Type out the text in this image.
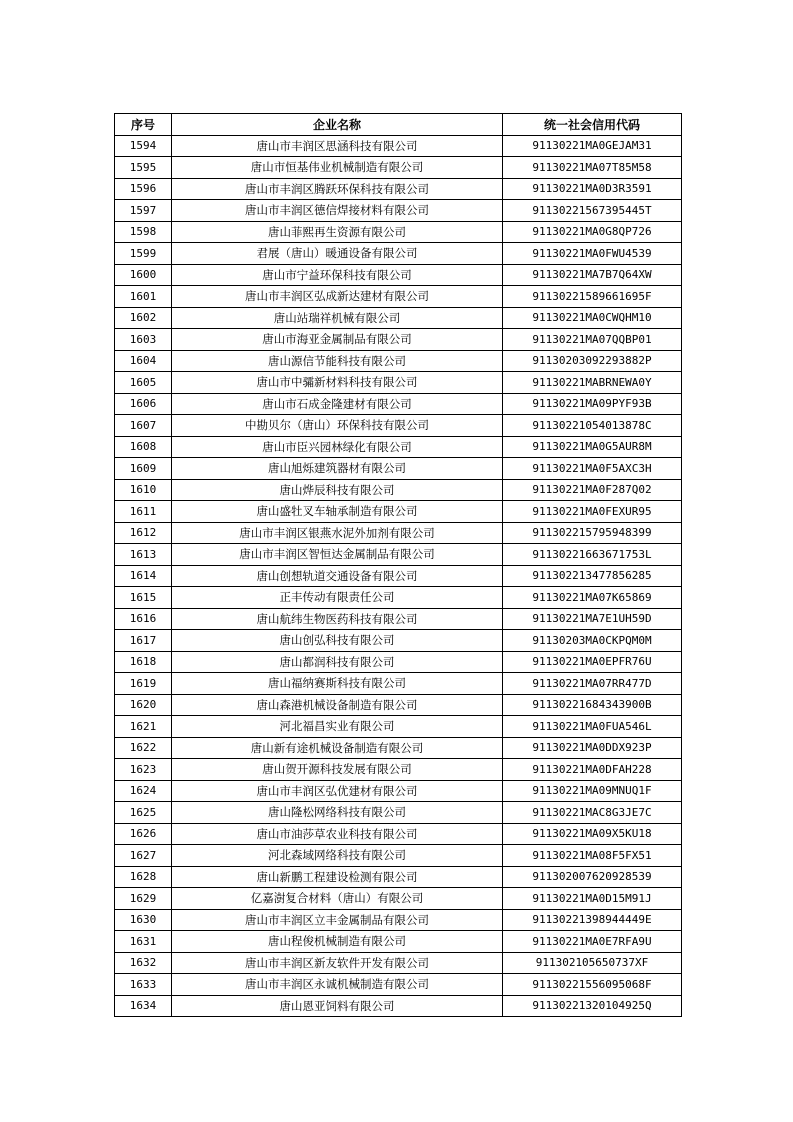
序号	企业名称	统一社会信用代码
1594	唐山市丰润区思涵科技有限公司	91130221MA0GEJAM31
1595	唐山市恒基伟业机械制造有限公司	91130221MA07T85M58
1596	唐山市丰润区腾跃环保科技有限公司	91130221MA0D3R3591
1597	唐山市丰润区德信焊接材料有限公司	91130221567395445T
1598	唐山菲熙再生资源有限公司	91130221MA0G8QP726
1599	君展（唐山）暖通设备有限公司	91130221MA0FWU4539
1600	唐山市宁益环保科技有限公司	91130221MA7B7Q64XW
1601	唐山市丰润区弘成新达建材有限公司	91130221589661695F
1602	唐山站瑞祥机械有限公司	91130221MA0CWQHM10
1603	唐山市海亚金属制品有限公司	91130221MA07QQBP01
1604	唐山源信节能科技有限公司	91130203092293882P
1605	唐山市中骦新材料科技有限公司	91130221MABRNEWA0Y
1606	唐山市石成金隆建材有限公司	91130221MA09PYF93B
1607	中勘贝尔（唐山）环保科技有限公司	91130221054013878C
1608	唐山市臣兴园林绿化有限公司	91130221MA0G5AUR8M
1609	唐山旭烁建筑器材有限公司	91130221MA0F5AXC3H
1610	唐山烨辰科技有限公司	91130221MA0F287Q02
1611	唐山盛牡叉车轴承制造有限公司	91130221MA0FEXUR95
1612	唐山市丰润区银燕水泥外加剂有限公司	911302215795948399
1613	唐山市丰润区智恒达金属制品有限公司	91130221663671753L
1614	唐山创想轨道交通设备有限公司	911302213477856285
1615	正丰传动有限责任公司	91130221MA07K65869
1616	唐山航纬生物医药科技有限公司	91130221MA7E1UH59D
1617	唐山创弘科技有限公司	91130203MA0CKPQM0M
1618	唐山都润科技有限公司	91130221MA0EPFR76U
1619	唐山福纳赛斯科技有限公司	91130221MA07RR477D
1620	唐山森港机械设备制造有限公司	91130221684343900B
1621	河北福昌实业有限公司	91130221MA0FUA546L
1622	唐山新有途机械设备制造有限公司	91130221MA0DDX923P
1623	唐山贺开源科技发展有限公司	91130221MA0DFAH228
1624	唐山市丰润区弘优建材有限公司	91130221MA09MNUQ1F
1625	唐山隆松网络科技有限公司	91130221MAC8G3JE7C
1626	唐山市油莎草农业科技有限公司	91130221MA09X5KU18
1627	河北森域网络科技有限公司	91130221MA08F5FX51
1628	唐山新鹏工程建设检测有限公司	911302007620928539
1629	亿嘉澍复合材料（唐山）有限公司	91130221MA0D15M91J
1630	唐山市丰润区立丰金属制品有限公司	91130221398944449E
1631	唐山程俊机械制造有限公司	91130221MA0E7RFA9U
1632	唐山市丰润区新友软件开发有限公司	911302105650737XF
1633	唐山市丰润区永诚机械制造有限公司	91130221556095068F
1634	唐山恩亚饲料有限公司	91130221320104925Q
